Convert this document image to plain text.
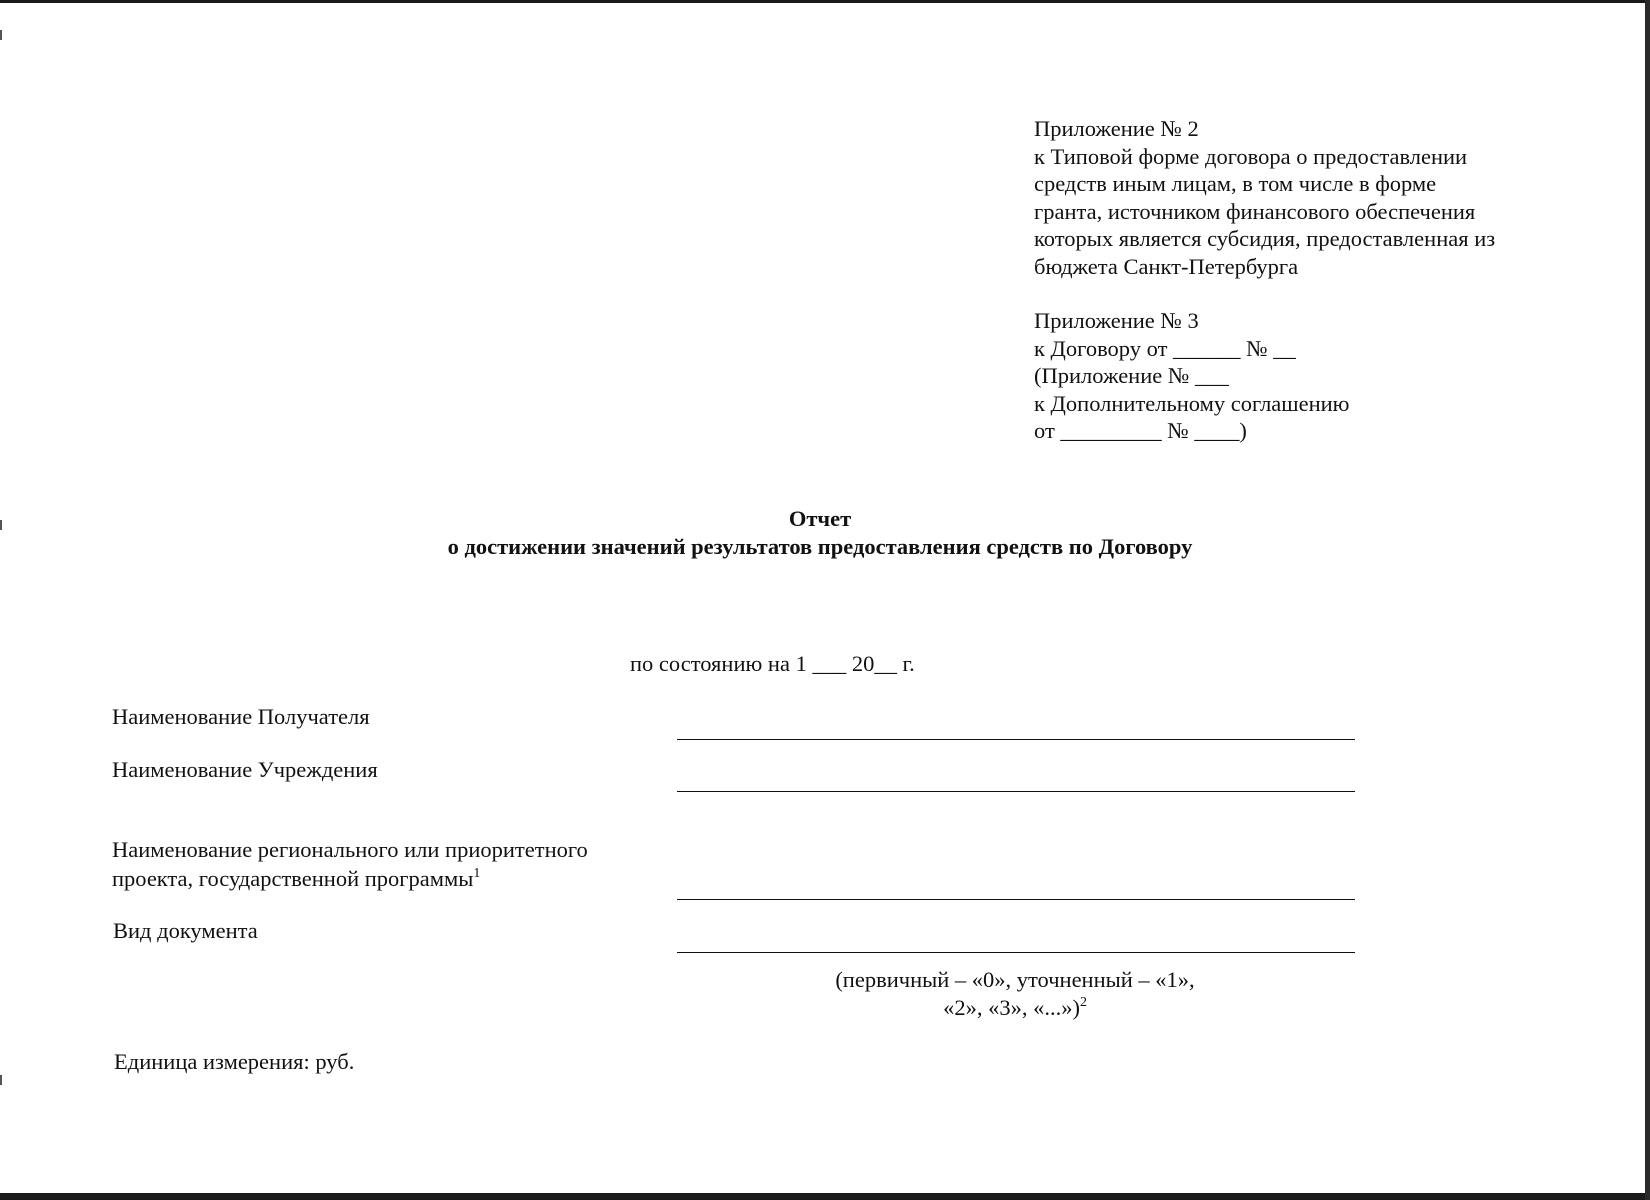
Приложение № 2
к Типовой форме договора о предоставлении
средств иным лицам, в том числе в форме
гранта, источником финансового обеспечения
которых является субсидия, предоставленная из
бюджета Санкт-Петербурга
Приложение № 3
к Договору от ______ № __
(Приложение № ___
к Дополнительному соглашению
от _________ № ____)
Отчет
о достижении значений результатов предоставления средств по Договору
по состоянию на 1 ___ 20__ г.
Наименование Получателя
Наименование Учреждения
Наименование регионального или приоритетного
проекта, государственной программы$^1$
Вид документа
(первичный – «0», уточненный – «1»,
«2», «3», «...»)$^2$
Единица измерения: руб.
